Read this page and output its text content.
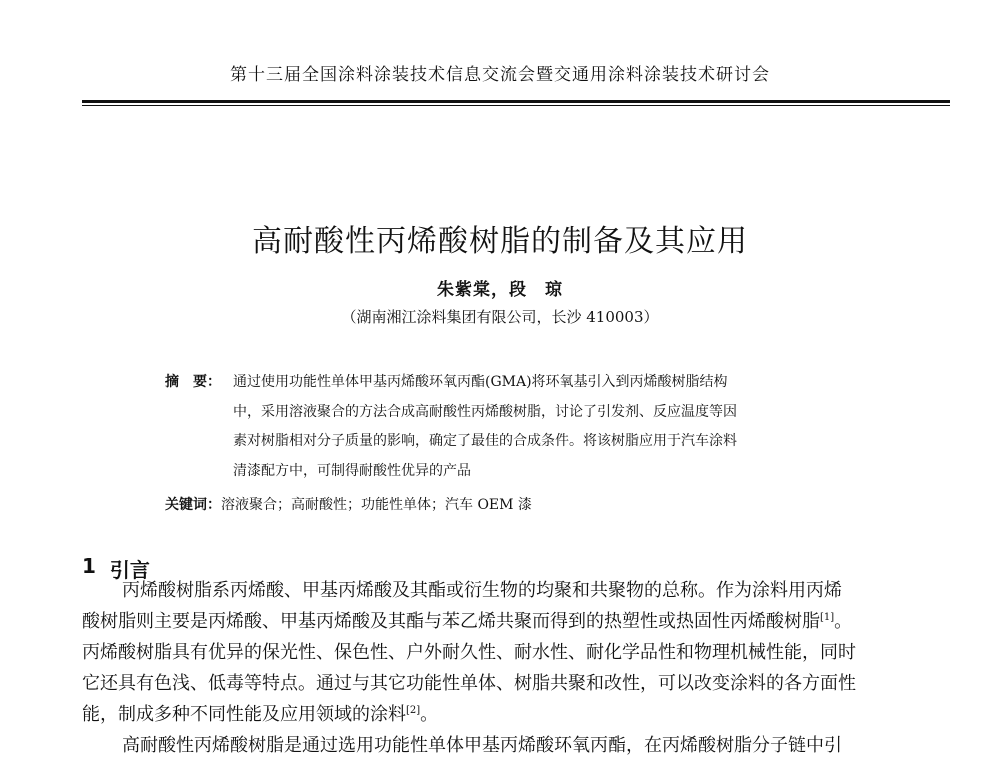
第十三届全国涂料涂装技术信息交流会暨交通用涂料涂装技术研讨会
高耐酸性丙烯酸树脂的制备及其应用
朱紫棠，段　琼
（湖南湘江涂料集团有限公司，长沙 410003）
摘　要： 通过使用功能性单体甲基丙烯酸环氧丙酯(GMA)将环氧基引入到丙烯酸树脂结构
中，采用溶液聚合的方法合成高耐酸性丙烯酸树脂，讨论了引发剂、反应温度等因
素对树脂相对分子质量的影响，确定了最佳的合成条件。将该树脂应用于汽车涂料
清漆配方中，可制得耐酸性优异的产品
关键词： 溶液聚合；高耐酸性；功能性单体；汽车 OEM 漆
1 引言
丙烯酸树脂系丙烯酸、甲基丙烯酸及其酯或衍生物的均聚和共聚物的总称。作为涂料用丙烯
酸树脂则主要是丙烯酸、甲基丙烯酸及其酯与苯乙烯共聚而得到的热塑性或热固性丙烯酸树脂[1]。
丙烯酸树脂具有优异的保光性、保色性、户外耐久性、耐水性、耐化学品性和物理机械性能，同时
它还具有色浅、低毒等特点。通过与其它功能性单体、树脂共聚和改性，可以改变涂料的各方面性
能，制成多种不同性能及应用领域的涂料[2]。
高耐酸性丙烯酸树脂是通过选用功能性单体甲基丙烯酸环氧丙酯，在丙烯酸树脂分子链中引
